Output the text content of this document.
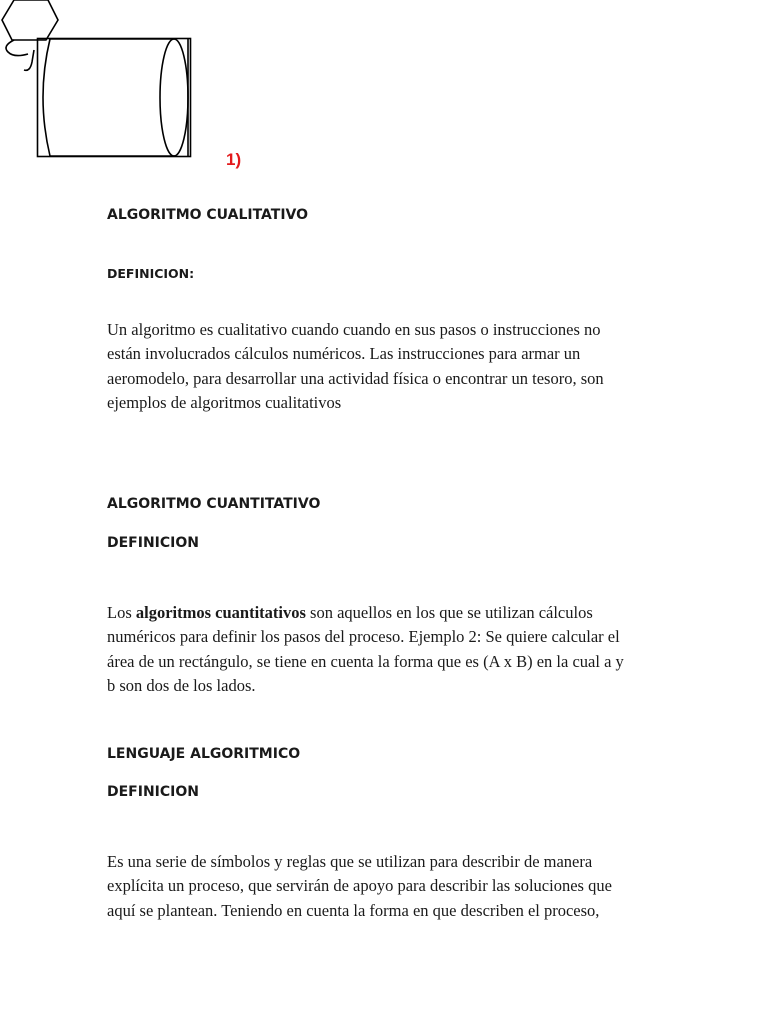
1)
ALGORITMO CUALITATIVO
DEFINICION:
Un algoritmo es cualitativo cuando cuando en sus pasos o instrucciones no
están involucrados cálculos numéricos. Las instrucciones para armar un
aeromodelo, para desarrollar una actividad física o encontrar un tesoro, son
ejemplos de algoritmos cualitativos
ALGORITMO CUANTITATIVO
DEFINICION
Los algoritmos cuantitativos son aquellos en los que se utilizan cálculos
numéricos para definir los pasos del proceso. Ejemplo 2: Se quiere calcular el
área de un rectángulo, se tiene en cuenta la forma que es (A x B) en la cual a y
b son dos de los lados.
LENGUAJE ALGORITMICO
DEFINICION
Es una serie de símbolos y reglas que se utilizan para describir de manera
explícita un proceso, que servirán de apoyo para describir las soluciones que
aquí se plantean. Teniendo en cuenta la forma en que describen el proceso,
